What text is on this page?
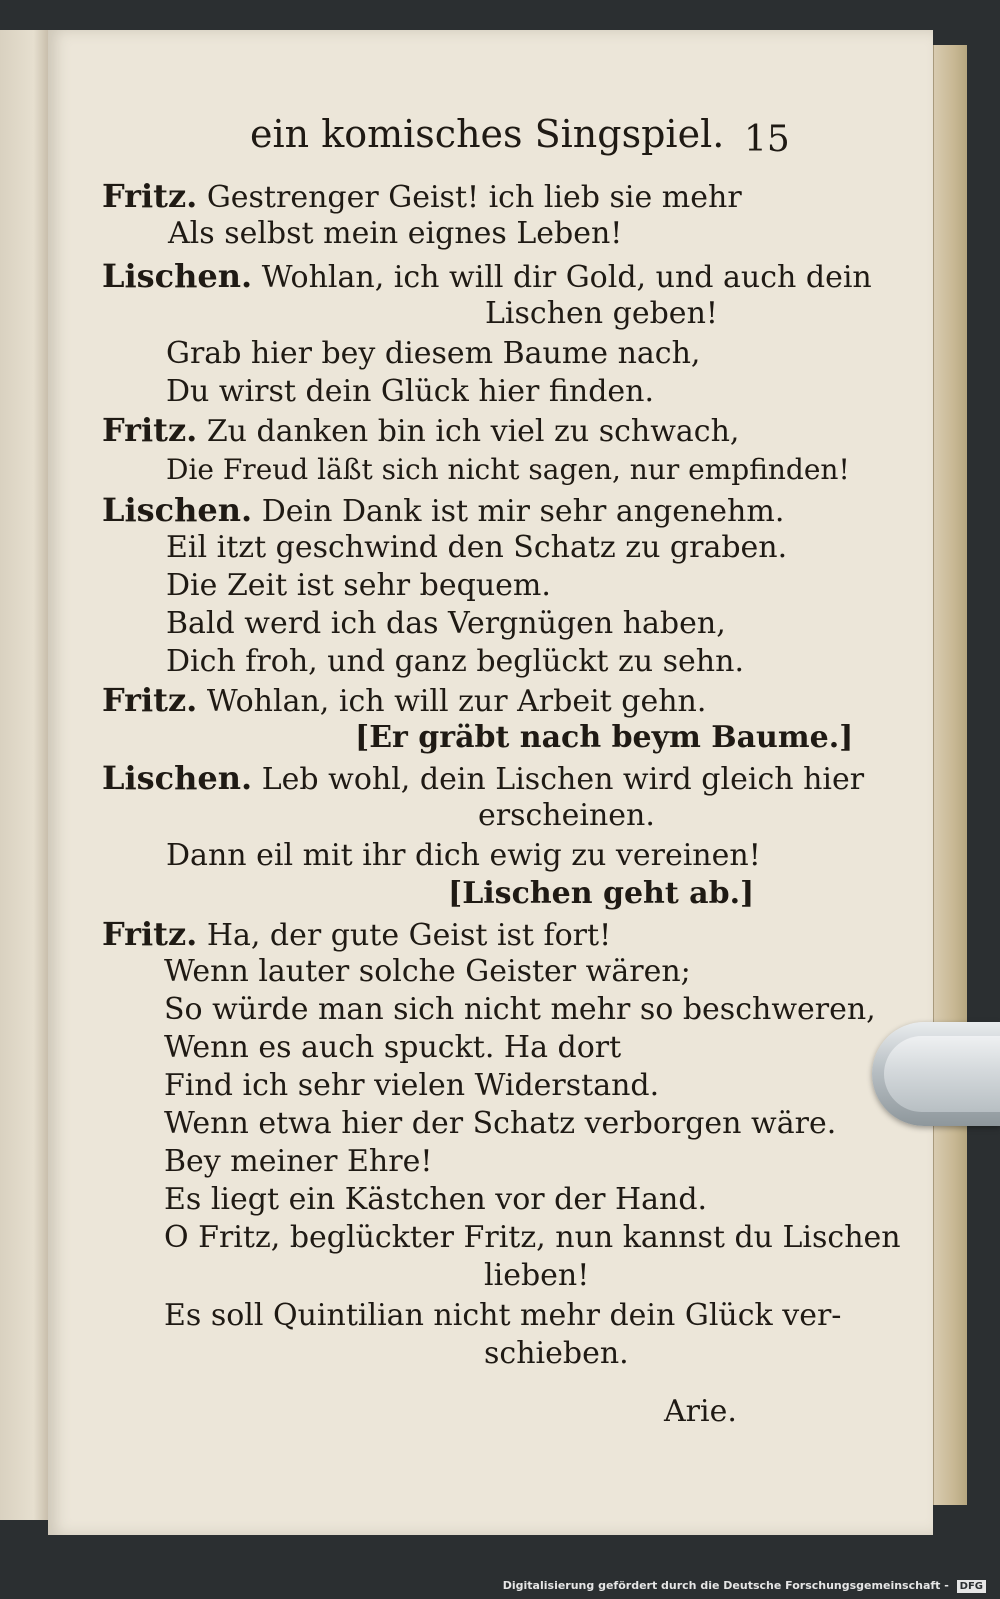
ein komisches Singspiel. 15
Fritz. Gestrenger Geist! ich lieb sie mehr
Als selbst mein eignes Leben!
Lischen. Wohlan, ich will dir Gold, und auch dein
Lischen geben!
Grab hier bey diesem Baume nach,
Du wirst dein Glück hier finden.
Fritz. Zu danken bin ich viel zu schwach,
Die Freud läßt sich nicht sagen, nur empfinden!
Lischen. Dein Dank ist mir sehr angenehm.
Eil itzt geschwind den Schatz zu graben.
Die Zeit ist sehr bequem.
Bald werd ich das Vergnügen haben,
Dich froh, und ganz beglückt zu sehn.
Fritz. Wohlan, ich will zur Arbeit gehn.
[Er gräbt nach beym Baume.]
Lischen. Leb wohl, dein Lischen wird gleich hier
erscheinen.
Dann eil mit ihr dich ewig zu vereinen!
[Lischen geht ab.]
Fritz. Ha, der gute Geist ist fort!
Wenn lauter solche Geister wären;
So würde man sich nicht mehr so beschweren,
Wenn es auch spuckt. Ha dort
Find ich sehr vielen Widerstand.
Wenn etwa hier der Schatz verborgen wäre.
Bey meiner Ehre!
Es liegt ein Kästchen vor der Hand.
O Fritz, beglückter Fritz, nun kannst du Lischen
lieben!
Es soll Quintilian nicht mehr dein Glück ver-
schieben.
Arie.
Digitalisierung gefördert durch die Deutsche Forschungsgemeinschaft - DFG
